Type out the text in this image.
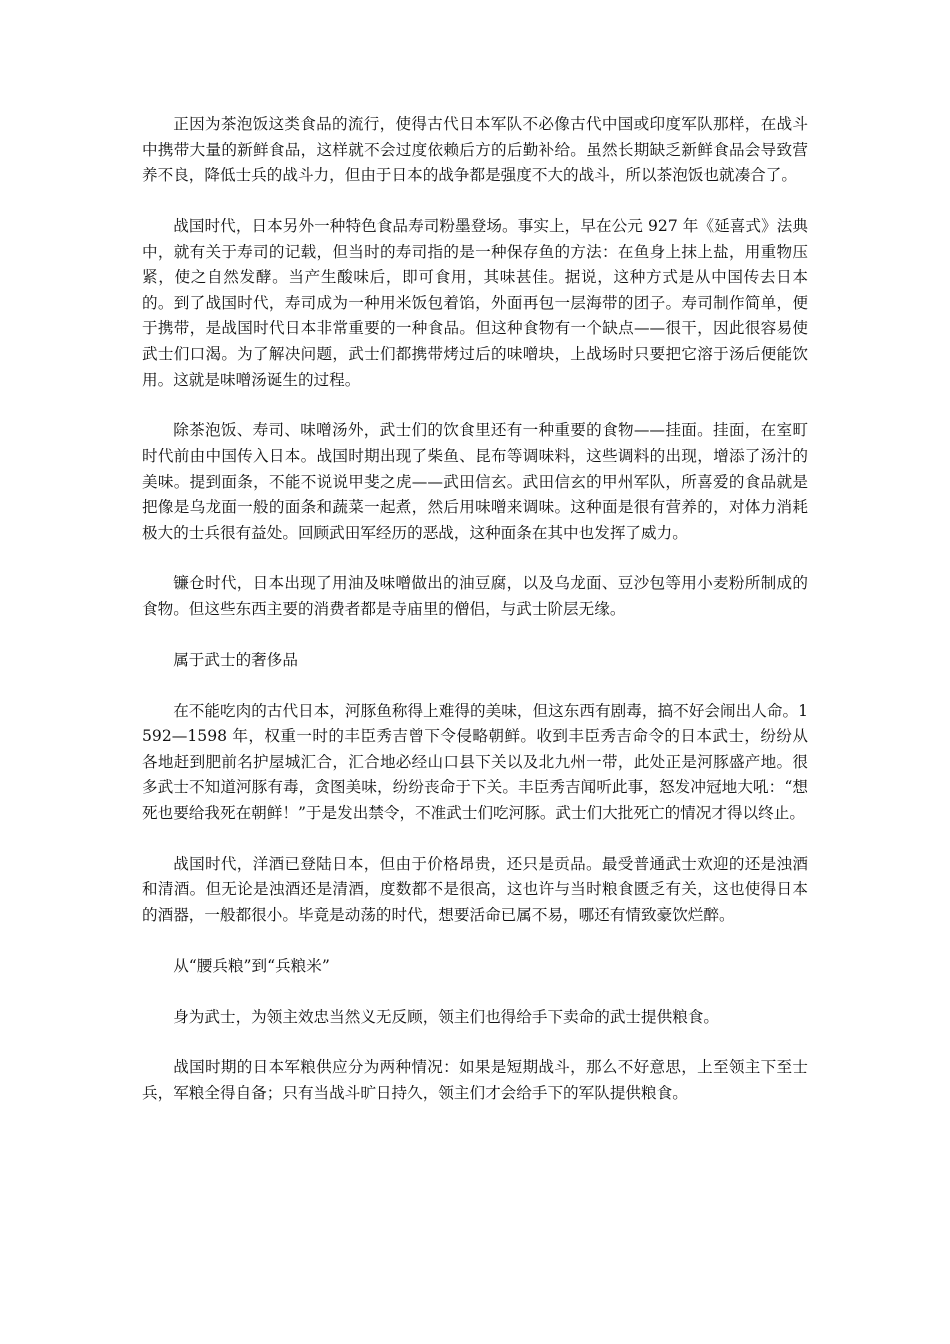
正因为茶泡饭这类食品的流行，使得古代日本军队不必像古代中国或印度军队那样，在战斗中携带大量的新鲜食品，这样就不会过度依赖后方的后勤补给。虽然长期缺乏新鲜食品会导致营养不良，降低士兵的战斗力，但由于日本的战争都是强度不大的战斗，所以茶泡饭也就凑合了。

战国时代，日本另外一种特色食品寿司粉墨登场。事实上，早在公元 927 年《延喜式》法典中，就有关于寿司的记载，但当时的寿司指的是一种保存鱼的方法：在鱼身上抹上盐，用重物压紧，使之自然发酵。当产生酸味后，即可食用，其味甚佳。据说，这种方式是从中国传去日本的。到了战国时代，寿司成为一种用米饭包着馅，外面再包一层海带的团子。寿司制作简单，便于携带，是战国时代日本非常重要的一种食品。但这种食物有一个缺点——很干，因此很容易使武士们口渴。为了解决问题，武士们都携带烤过后的味噌块，上战场时只要把它溶于汤后便能饮用。这就是味噌汤诞生的过程。

除茶泡饭、寿司、味噌汤外，武士们的饮食里还有一种重要的食物——挂面。挂面，在室町时代前由中国传入日本。战国时期出现了柴鱼、昆布等调味料，这些调料的出现，增添了汤汁的美味。提到面条，不能不说说甲斐之虎——武田信玄。武田信玄的甲州军队，所喜爱的食品就是把像是乌龙面一般的面条和蔬菜一起煮，然后用味噌来调味。这种面是很有营养的，对体力消耗极大的士兵很有益处。回顾武田军经历的恶战，这种面条在其中也发挥了威力。

镰仓时代，日本出现了用油及味噌做出的油豆腐，以及乌龙面、豆沙包等用小麦粉所制成的食物。但这些东西主要的消费者都是寺庙里的僧侣，与武士阶层无缘。

属于武士的奢侈品

在不能吃肉的古代日本，河豚鱼称得上难得的美味，但这东西有剧毒，搞不好会闹出人命。1592—1598 年，权重一时的丰臣秀吉曾下令侵略朝鲜。收到丰臣秀吉命令的日本武士，纷纷从各地赶到肥前名护屋城汇合，汇合地必经山口县下关以及北九州一带，此处正是河豚盛产地。很多武士不知道河豚有毒，贪图美味，纷纷丧命于下关。丰臣秀吉闻听此事，怒发冲冠地大吼：“想死也要给我死在朝鲜！”于是发出禁令，不准武士们吃河豚。武士们大批死亡的情况才得以终止。

战国时代，洋酒已登陆日本，但由于价格昂贵，还只是贡品。最受普通武士欢迎的还是浊酒和清酒。但无论是浊酒还是清酒，度数都不是很高，这也许与当时粮食匮乏有关，这也使得日本的酒器，一般都很小。毕竟是动荡的时代，想要活命已属不易，哪还有情致豪饮烂醉。

从“腰兵粮”到“兵粮米”

身为武士，为领主效忠当然义无反顾，领主们也得给手下卖命的武士提供粮食。

战国时期的日本军粮供应分为两种情况：如果是短期战斗，那么不好意思，上至领主下至士兵，军粮全得自备；只有当战斗旷日持久，领主们才会给手下的军队提供粮食。
